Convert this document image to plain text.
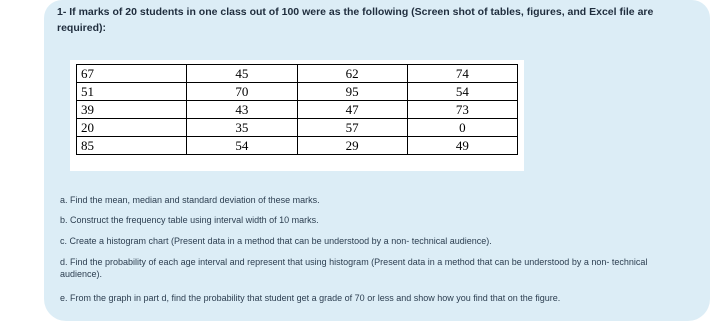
1- If marks of 20 students in one class out of 100 were as the following (Screen shot of tables, figures, and Excel file are
required):
67	45	62	74
51	70	95	54
39	43	47	73
20	35	57	0
85	54	29	49

a. Find the mean, median and standard deviation of these marks.

b. Construct the frequency table using interval width of 10 marks.

c. Create a histogram chart (Present data in a method that can be understood by a non- technical audience).

d. Find the probability of each age interval and represent that using histogram (Present data in a method that can be understood by a non- technical audience).

e. From the graph in part d, find the probability that student get a grade of 70 or less and show how you find that on the figure.
